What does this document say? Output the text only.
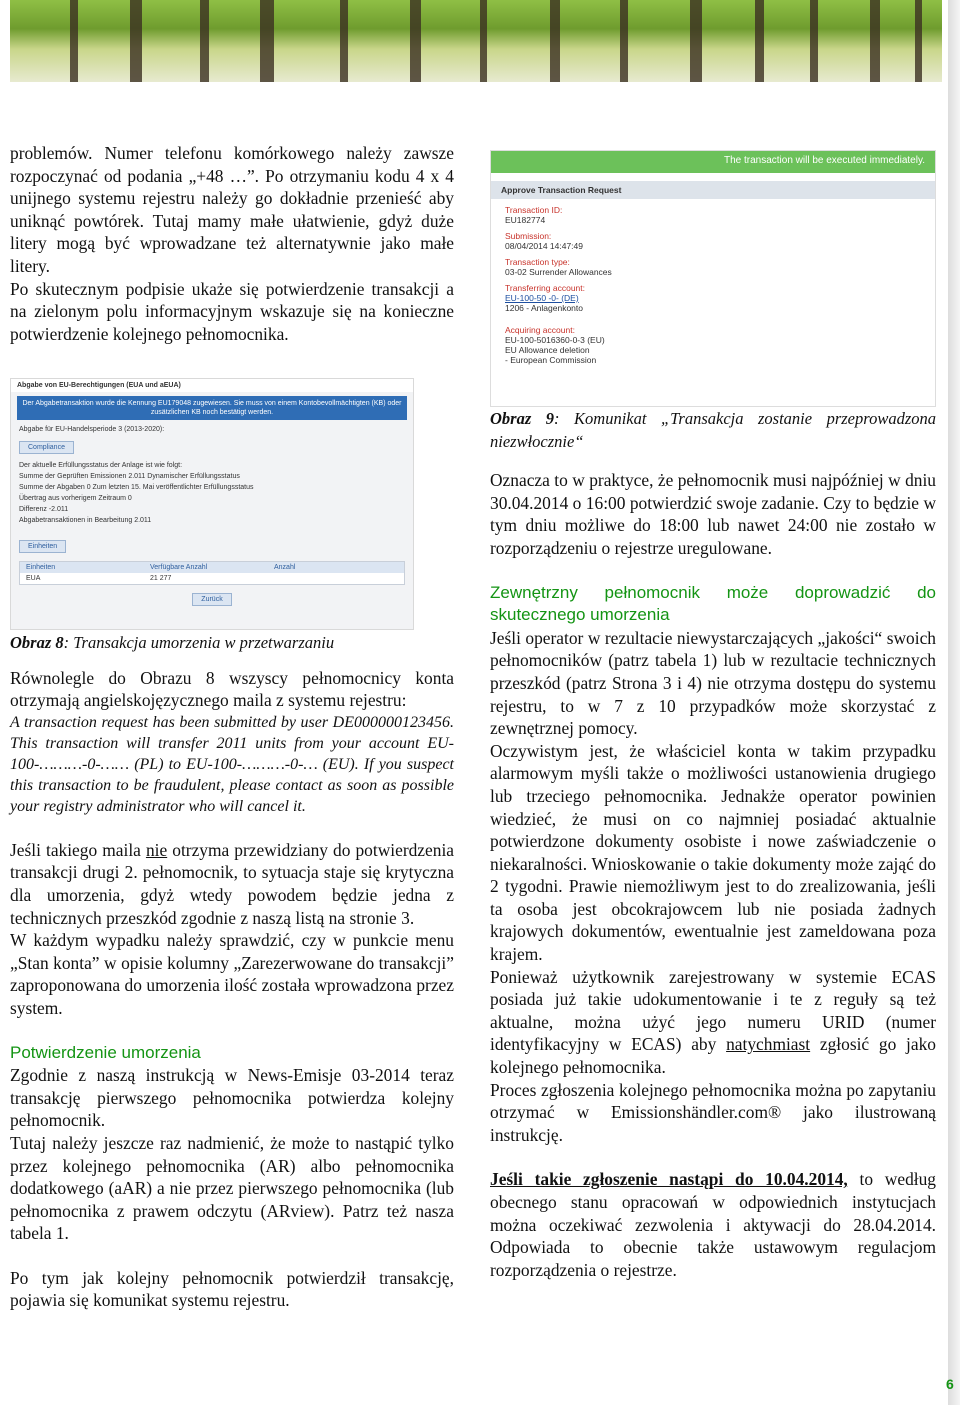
problemów. Numer telefonu komórkowego należy zawsze rozpoczynać od podania „+48 …”. Po otrzymaniu kodu 4 x 4 unijnego systemu rejestru należy go dokładnie przenieść aby uniknąć powtórek. Tutaj mamy małe ułatwienie, gdyż duże litery mogą być wprowadzane też alternatywnie jako małe litery.

Po skutecznym podpisie ukaże się potwierdzenie transakcji a na zielonym polu informacyjnym wskazuje się na konieczne potwierdzenie kolejnego pełnomocnika.

Abgabe von EU-Berechtigungen (EUA und aEUA)
Der Abgabetransaktion wurde die Kennung EU179048 zugewiesen. Sie muss von einem Kontobevollmächtigten (KB) oder zusätzlichen KB noch bestätigt werden.
Abgabe für EU-Handelsperiode 3 (2013-2020):
Compliance
Der aktuelle Erfüllungsstatus der Anlage ist wie folgt:
Summe der Geprüften Emissionen 2.011 Dynamischer Erfüllungsstatus
Summe der Abgaben 0 Zum letzten 15. Mai veröffentlichter Erfüllungsstatus
Übertrag aus vorherigem Zeitraum 0
Differenz -2.011
Abgabetransaktionen in Bearbeitung 2.011
Einheiten
Einheiten	Verfügbare Anzahl	Anzahl
EUA	21 277
Zurück

Obraz 8: Transakcja umorzenia w przetwarzaniu

Równolegle do Obrazu 8 wszyscy pełnomocnicy konta otrzymają angielskojęzycznego maila z systemu rejestru:

A transaction request has been submitted by user DE000000123456. This transaction will transfer 2011 units from your account EU-100-………-0-…… (PL) to EU-100-………-0-… (EU). If you suspect this transaction to be fraudulent, please contact as soon as possible your registry administrator who will cancel it.

Jeśli takiego maila nie otrzyma przewidziany do potwierdzenia transakcji drugi 2. pełnomocnik, to sytuacja staje się krytyczna dla umorzenia, gdyż wtedy powodem będzie jedna z technicznych przeszkód zgodnie z naszą listą na stronie 3.

W każdym wypadku należy sprawdzić, czy w punkcie menu „Stan konta” w opisie kolumny „Zarezerwowane do transakcji” zaproponowana do umorzenia ilość została wprowadzona przez system.

Potwierdzenie umorzenia

Zgodnie z naszą instrukcją w News-Emisje 03-2014 teraz transakcję pierwszego pełnomocnika potwierdza kolejny pełnomocnik.

Tutaj należy jeszcze raz nadmienić, że może to nastąpić tylko przez kolejnego pełnomocnika (AR) albo pełnomocnika dodatkowego (aAR) a nie przez pierwszego pełnomocnika (lub pełnomocnika z prawem odczytu (ARview). Patrz też nasza tabela 1.

Po tym jak kolejny pełnomocnik potwierdził transakcję, pojawia się komunikat systemu rejestru.

The transaction will be executed immediately.
Approve Transaction Request
Transaction ID:
EU182774
Submission:
08/04/2014 14:47:49
Transaction type:
03-02 Surrender Allowances
Transferring account:
EU-100-50 -0- (DE)
1206 - Anlagenkonto
Acquiring account:
EU-100-5016360-0-3 (EU)
EU Allowance deletion
- European Commission

Obraz 9: Komunikat „Transakcja zostanie przeprowadzona niezwłocznie“

Oznacza to w praktyce, że pełnomocnik musi najpóźniej w dniu 30.04.2014 o 16:00 potwierdzić swoje zadanie. Czy to będzie w tym dniu możliwe do 18:00 lub nawet 24:00 nie zostało w rozporządzeniu o rejestrze uregulowane.

Zewnętrzny pełnomocnik może doprowadzić do skutecznego umorzenia

Jeśli operator w rezultacie niewystarczających „jakości“ swoich pełnomocników (patrz tabela 1) lub w rezultacie technicznych przeszkód (patrz Strona 3 i 4) nie otrzyma dostępu do systemu rejestru, to w 7 z 10 przypadków może skorzystać z zewnętrznej pomocy.

Oczywistym jest, że właściciel konta w takim przypadku alarmowym myśli także o możliwości ustanowienia drugiego lub trzeciego pełnomocnika. Jednakże operator powinien wiedzieć, że musi on co najmniej posiadać aktualnie potwierdzone dokumenty osobiste i nowe zaświadczenie o niekaralności. Wnioskowanie o takie dokumenty może zająć do 2 tygodni. Prawie niemożliwym jest to do zrealizowania, jeśli ta osoba jest obcokrajowcem lub nie posiada żadnych krajowych dokumentów, ewentualnie jest zameldowana poza krajem.

Ponieważ użytkownik zarejestrowany w systemie ECAS posiada już takie udokumentowanie i te z reguły są też aktualne, można użyć jego numeru URID (numer identyfikacyjny w ECAS) aby natychmiast zgłosić go jako kolejnego pełnomocnika.

Proces zgłoszenia kolejnego pełnomocnika można po zapytaniu otrzymać w Emissionshändler.com® jako ilustrowaną instrukcję.

Jeśli takie zgłoszenie nastąpi do 10.04.2014, to według obecnego stanu opracowań w odpowiednich instytucjach można oczekiwać zezwolenia i aktywacji do 28.04.2014. Odpowiada to obecnie także ustawowym regulacjom rozporządzenia o rejestrze.

6
